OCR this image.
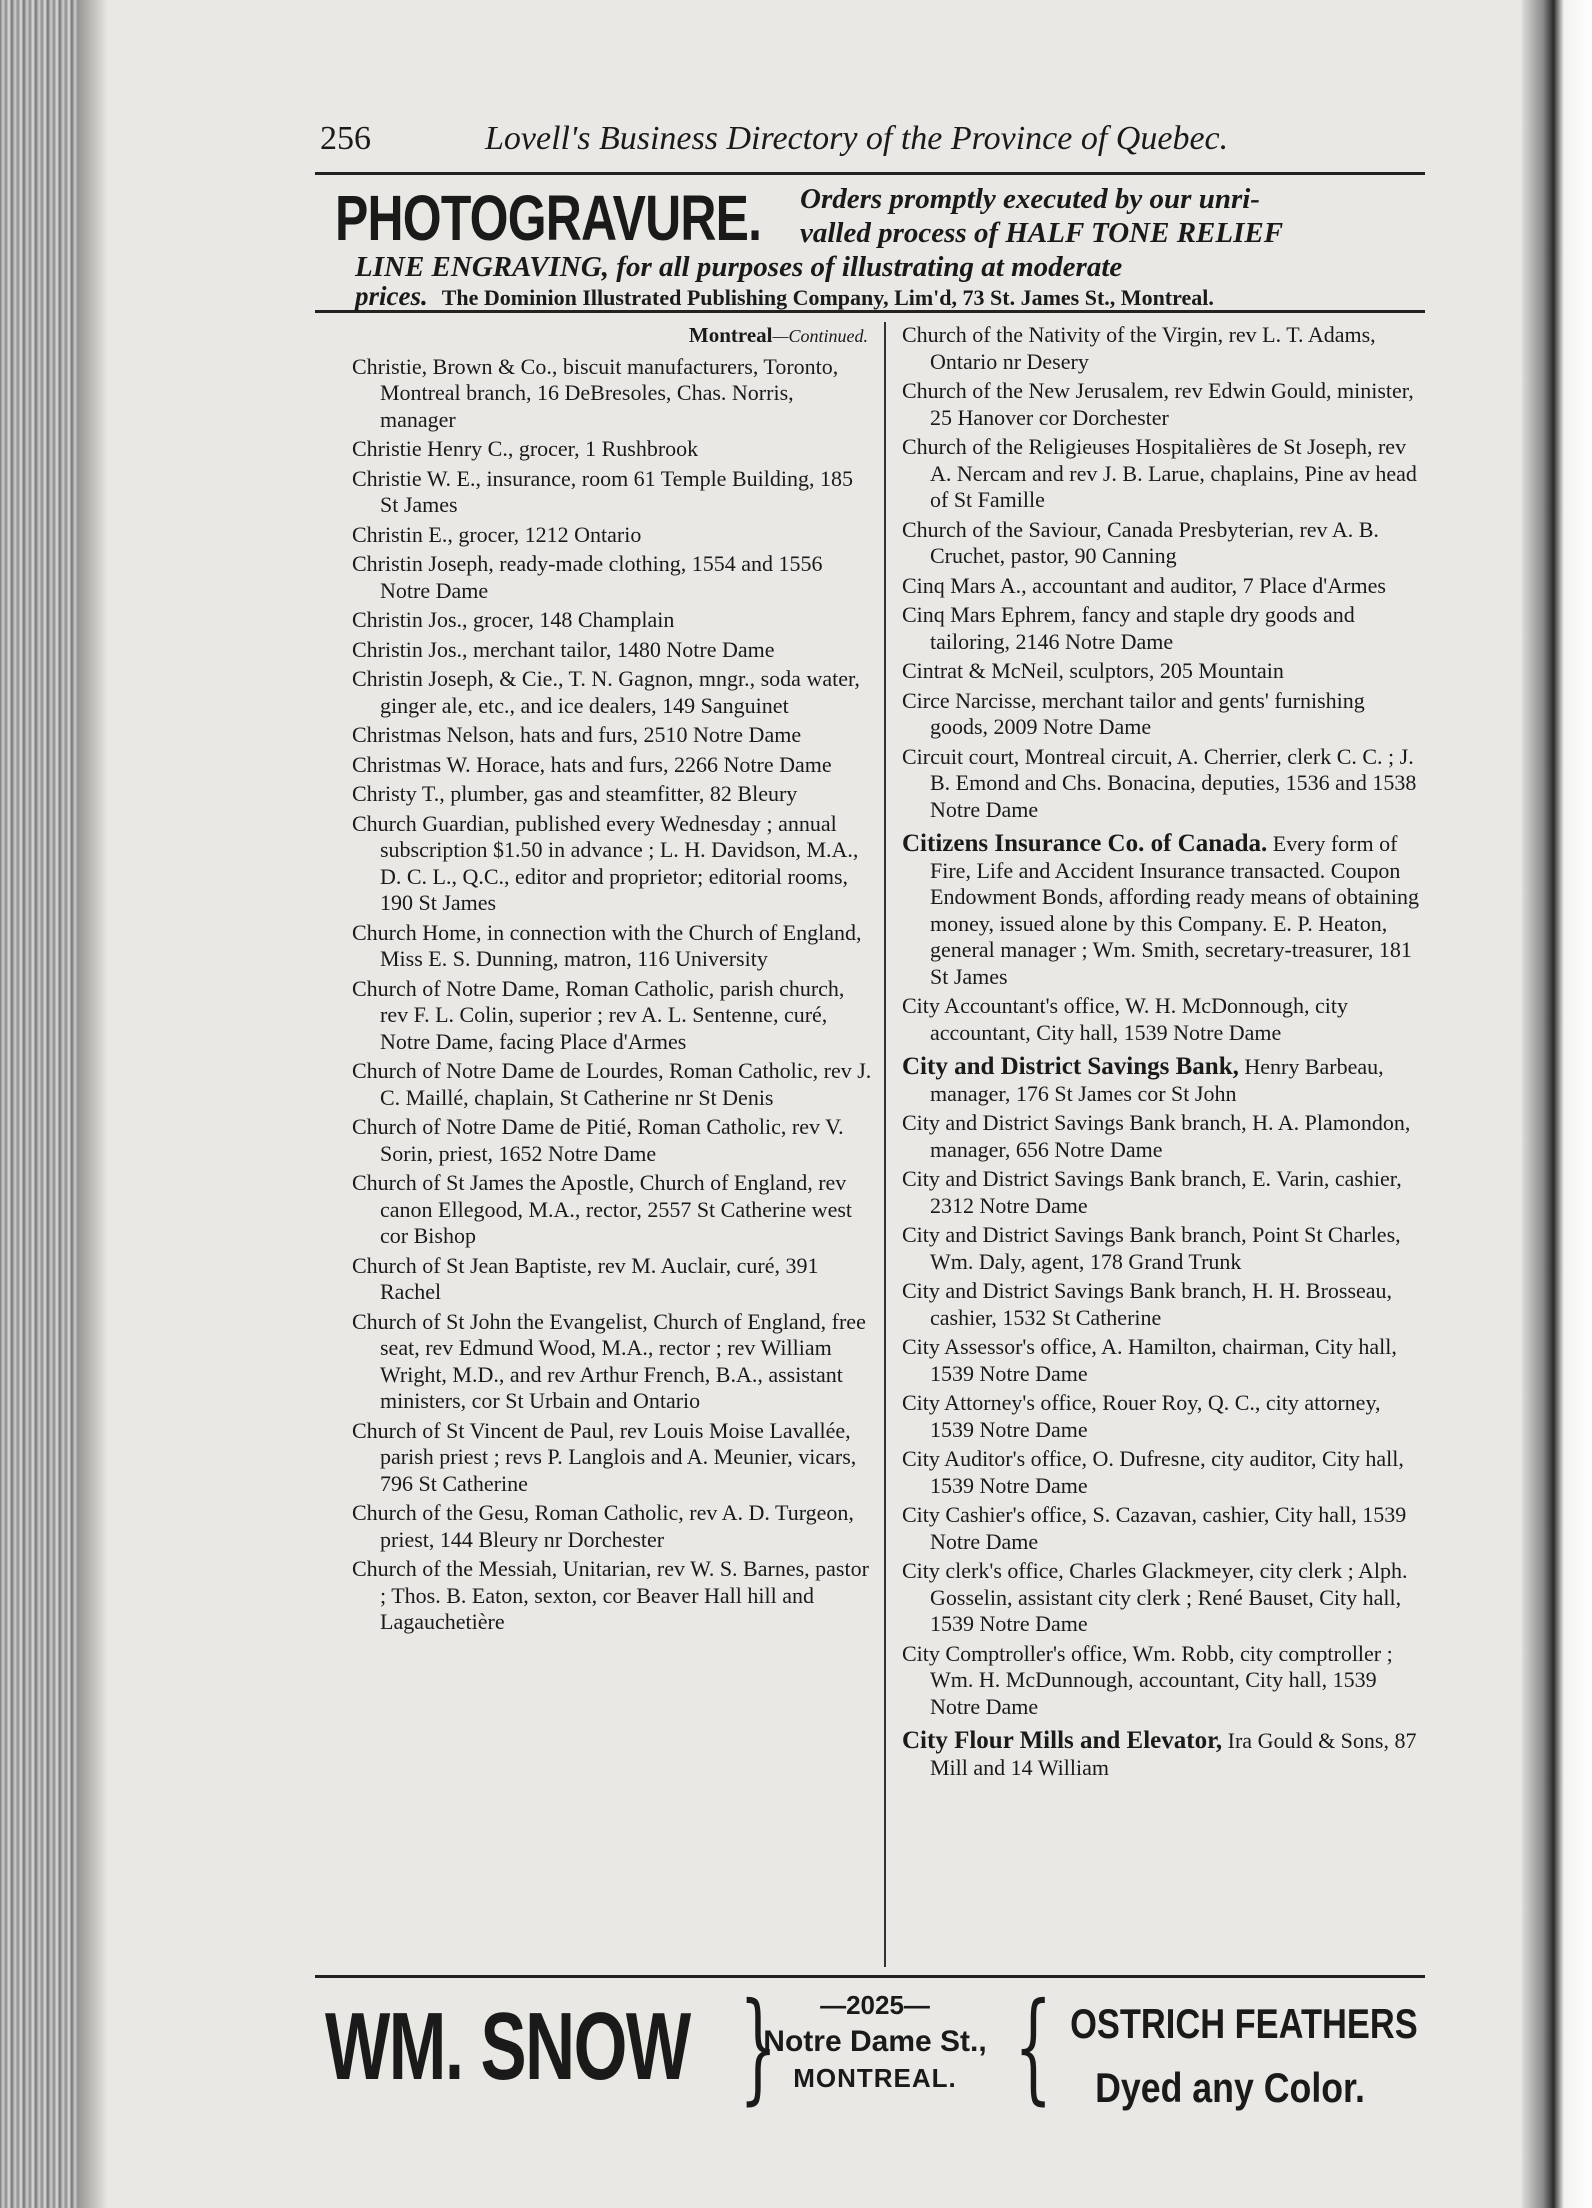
256	Lovell's Business Directory of the Province of Quebec.
PHOTOGRAVURE. Orders promptly executed by our unri-
valled process of HALF TONE RELIEF
LINE ENGRAVING, for all purposes of illustrating at moderate
prices. The Dominion Illustrated Publishing Company, Lim'd, 73 St. James St., Montreal.
Montreal—Continued.
Christie, Brown & Co., biscuit manufacturers, Toronto, Montreal branch, 16 DeBresoles, Chas. Norris, manager
Christie Henry C., grocer, 1 Rushbrook
Christie W. E., insurance, room 61 Temple Building, 185 St James
Christin E., grocer, 1212 Ontario
Christin Joseph, ready-made clothing, 1554 and 1556 Notre Dame
Christin Jos., grocer, 148 Champlain
Christin Jos., merchant tailor, 1480 Notre Dame
Christin Joseph, & Cie., T. N. Gagnon, mngr., soda water, ginger ale, etc., and ice dealers, 149 Sanguinet
Christmas Nelson, hats and furs, 2510 Notre Dame
Christmas W. Horace, hats and furs, 2266 Notre Dame
Christy T., plumber, gas and steamfitter, 82 Bleury
Church Guardian, published every Wednesday ; annual subscription $1.50 in advance ; L. H. Davidson, M.A., D. C. L., Q.C., editor and proprietor; editorial rooms, 190 St James
Church Home, in connection with the Church of England, Miss E. S. Dunning, matron, 116 University
Church of Notre Dame, Roman Catholic, parish church, rev F. L. Colin, superior ; rev A. L. Sentenne, curé, Notre Dame, facing Place d'Armes
Church of Notre Dame de Lourdes, Roman Catholic, rev J. C. Maillé, chaplain, St Catherine nr St Denis
Church of Notre Dame de Pitié, Roman Catholic, rev V. Sorin, priest, 1652 Notre Dame
Church of St James the Apostle, Church of England, rev canon Ellegood, M.A., rector, 2557 St Catherine west cor Bishop
Church of St Jean Baptiste, rev M. Auclair, curé, 391 Rachel
Church of St John the Evangelist, Church of England, free seat, rev Edmund Wood, M.A., rector ; rev William Wright, M.D., and rev Arthur French, B.A., assistant ministers, cor St Urbain and Ontario
Church of St Vincent de Paul, rev Louis Moise Lavallée, parish priest ; revs P. Langlois and A. Meunier, vicars, 796 St Catherine
Church of the Gesu, Roman Catholic, rev A. D. Turgeon, priest, 144 Bleury nr Dorchester
Church of the Messiah, Unitarian, rev W. S. Barnes, pastor ; Thos. B. Eaton, sexton, cor Beaver Hall hill and Lagauchetière
Church of the Nativity of the Virgin, rev L. T. Adams, Ontario nr Desery
Church of the New Jerusalem, rev Edwin Gould, minister, 25 Hanover cor Dorchester
Church of the Religieuses Hospitalières de St Joseph, rev A. Nercam and rev J. B. Larue, chaplains, Pine av head of St Famille
Church of the Saviour, Canada Presbyterian, rev A. B. Cruchet, pastor, 90 Canning
Cinq Mars A., accountant and auditor, 7 Place d'Armes
Cinq Mars Ephrem, fancy and staple dry goods and tailoring, 2146 Notre Dame
Cintrat & McNeil, sculptors, 205 Mountain
Circe Narcisse, merchant tailor and gents' furnishing goods, 2009 Notre Dame
Circuit court, Montreal circuit, A. Cherrier, clerk C. C. ; J. B. Emond and Chs. Bonacina, deputies, 1536 and 1538 Notre Dame
Citizens Insurance Co. of Canada. Every form of Fire, Life and Accident Insurance transacted. Coupon Endowment Bonds, affording ready means of obtaining money, issued alone by this Company. E. P. Heaton, general manager ; Wm. Smith, secretary-treasurer, 181 St James
City Accountant's office, W. H. McDonnough, city accountant, City hall, 1539 Notre Dame
City and District Savings Bank, Henry Barbeau, manager, 176 St James cor St John
City and District Savings Bank branch, H. A. Plamondon, manager, 656 Notre Dame
City and District Savings Bank branch, E. Varin, cashier, 2312 Notre Dame
City and District Savings Bank branch, Point St Charles, Wm. Daly, agent, 178 Grand Trunk
City and District Savings Bank branch, H. H. Brosseau, cashier, 1532 St Catherine
City Assessor's office, A. Hamilton, chairman, City hall, 1539 Notre Dame
City Attorney's office, Rouer Roy, Q. C., city attorney, 1539 Notre Dame
City Auditor's office, O. Dufresne, city auditor, City hall, 1539 Notre Dame
City Cashier's office, S. Cazavan, cashier, City hall, 1539 Notre Dame
City clerk's office, Charles Glackmeyer, city clerk ; Alph. Gosselin, assistant city clerk ; René Bauset, City hall, 1539 Notre Dame
City Comptroller's office, Wm. Robb, city comptroller ; Wm. H. McDunnough, accountant, City hall, 1539 Notre Dame
City Flour Mills and Elevator, Ira Gould & Sons, 87 Mill and 14 William
WM. SNOW }	—2025—
Notre Dame St.,
MONTREAL. { OSTRICH FEATHERS
Dyed any Color.
